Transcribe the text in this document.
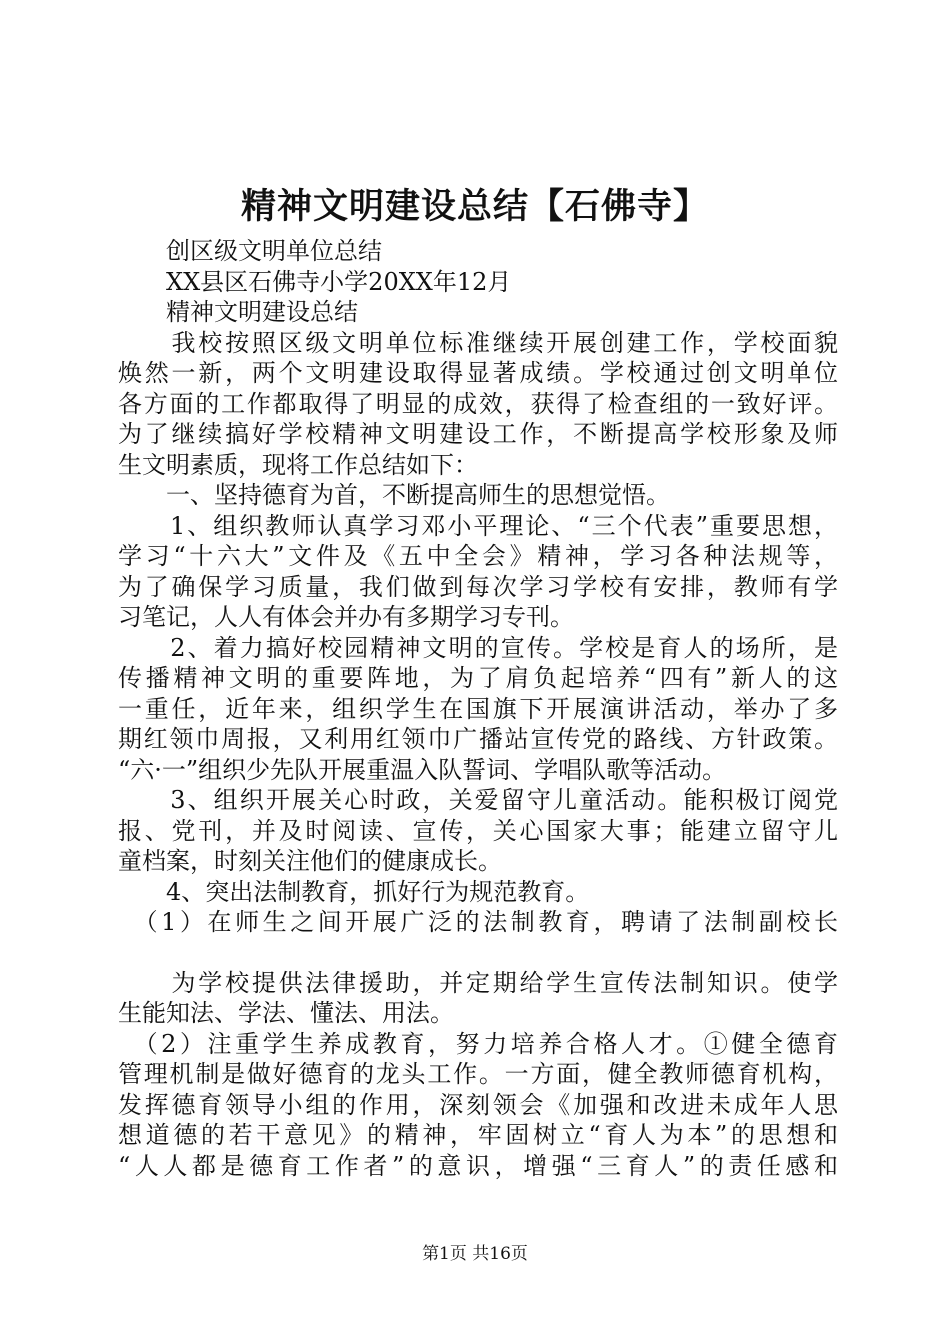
精神文明建设总结【石佛寺】
　　创区级文明单位总结
　　XX县区石佛寺小学20XX年12月
　　精神文明建设总结
　　我校按照区级文明单位标准继续开展创建工作，学校面貌
焕然一新，两个文明建设取得显著成绩。学校通过创文明单位
各方面的工作都取得了明显的成效，获得了检查组的一致好评。
为了继续搞好学校精神文明建设工作，不断提高学校形象及师
生文明素质，现将工作总结如下：
　　一、坚持德育为首，不断提高师生的思想觉悟。
　　1、组织教师认真学习邓小平理论、“三个代表”重要思想，
学习“十六大”文件及《五中全会》精神，学习各种法规等，
为了确保学习质量，我们做到每次学习学校有安排，教师有学
习笔记，人人有体会并办有多期学习专刊。
　　2、着力搞好校园精神文明的宣传。学校是育人的场所，是
传播精神文明的重要阵地，为了肩负起培养“四有”新人的这
一重任，近年来，组织学生在国旗下开展演讲活动，举办了多
期红领巾周报，又利用红领巾广播站宣传党的路线、方针政策。
“六·一”组织少先队开展重温入队誓词、学唱队歌等活动。
　　3、组织开展关心时政，关爱留守儿童活动。能积极订阅党
报、党刊，并及时阅读、宣传，关心国家大事；能建立留守儿
童档案，时刻关注他们的健康成长。
　　4、突出法制教育，抓好行为规范教育。
　（1）在师生之间开展广泛的法制教育，聘请了法制副校长
　　为学校提供法律援助，并定期给学生宣传法制知识。使学
生能知法、学法、懂法、用法。
　（2）注重学生养成教育，努力培养合格人才。①健全德育
管理机制是做好德育的龙头工作。一方面，健全教师德育机构，
发挥德育领导小组的作用，深刻领会《加强和改进未成年人思
想道德的若干意见》的精神，牢固树立“育人为本”的思想和
“人人都是德育工作者”的意识，增强“三育人”的责任感和
第1页 共16页
